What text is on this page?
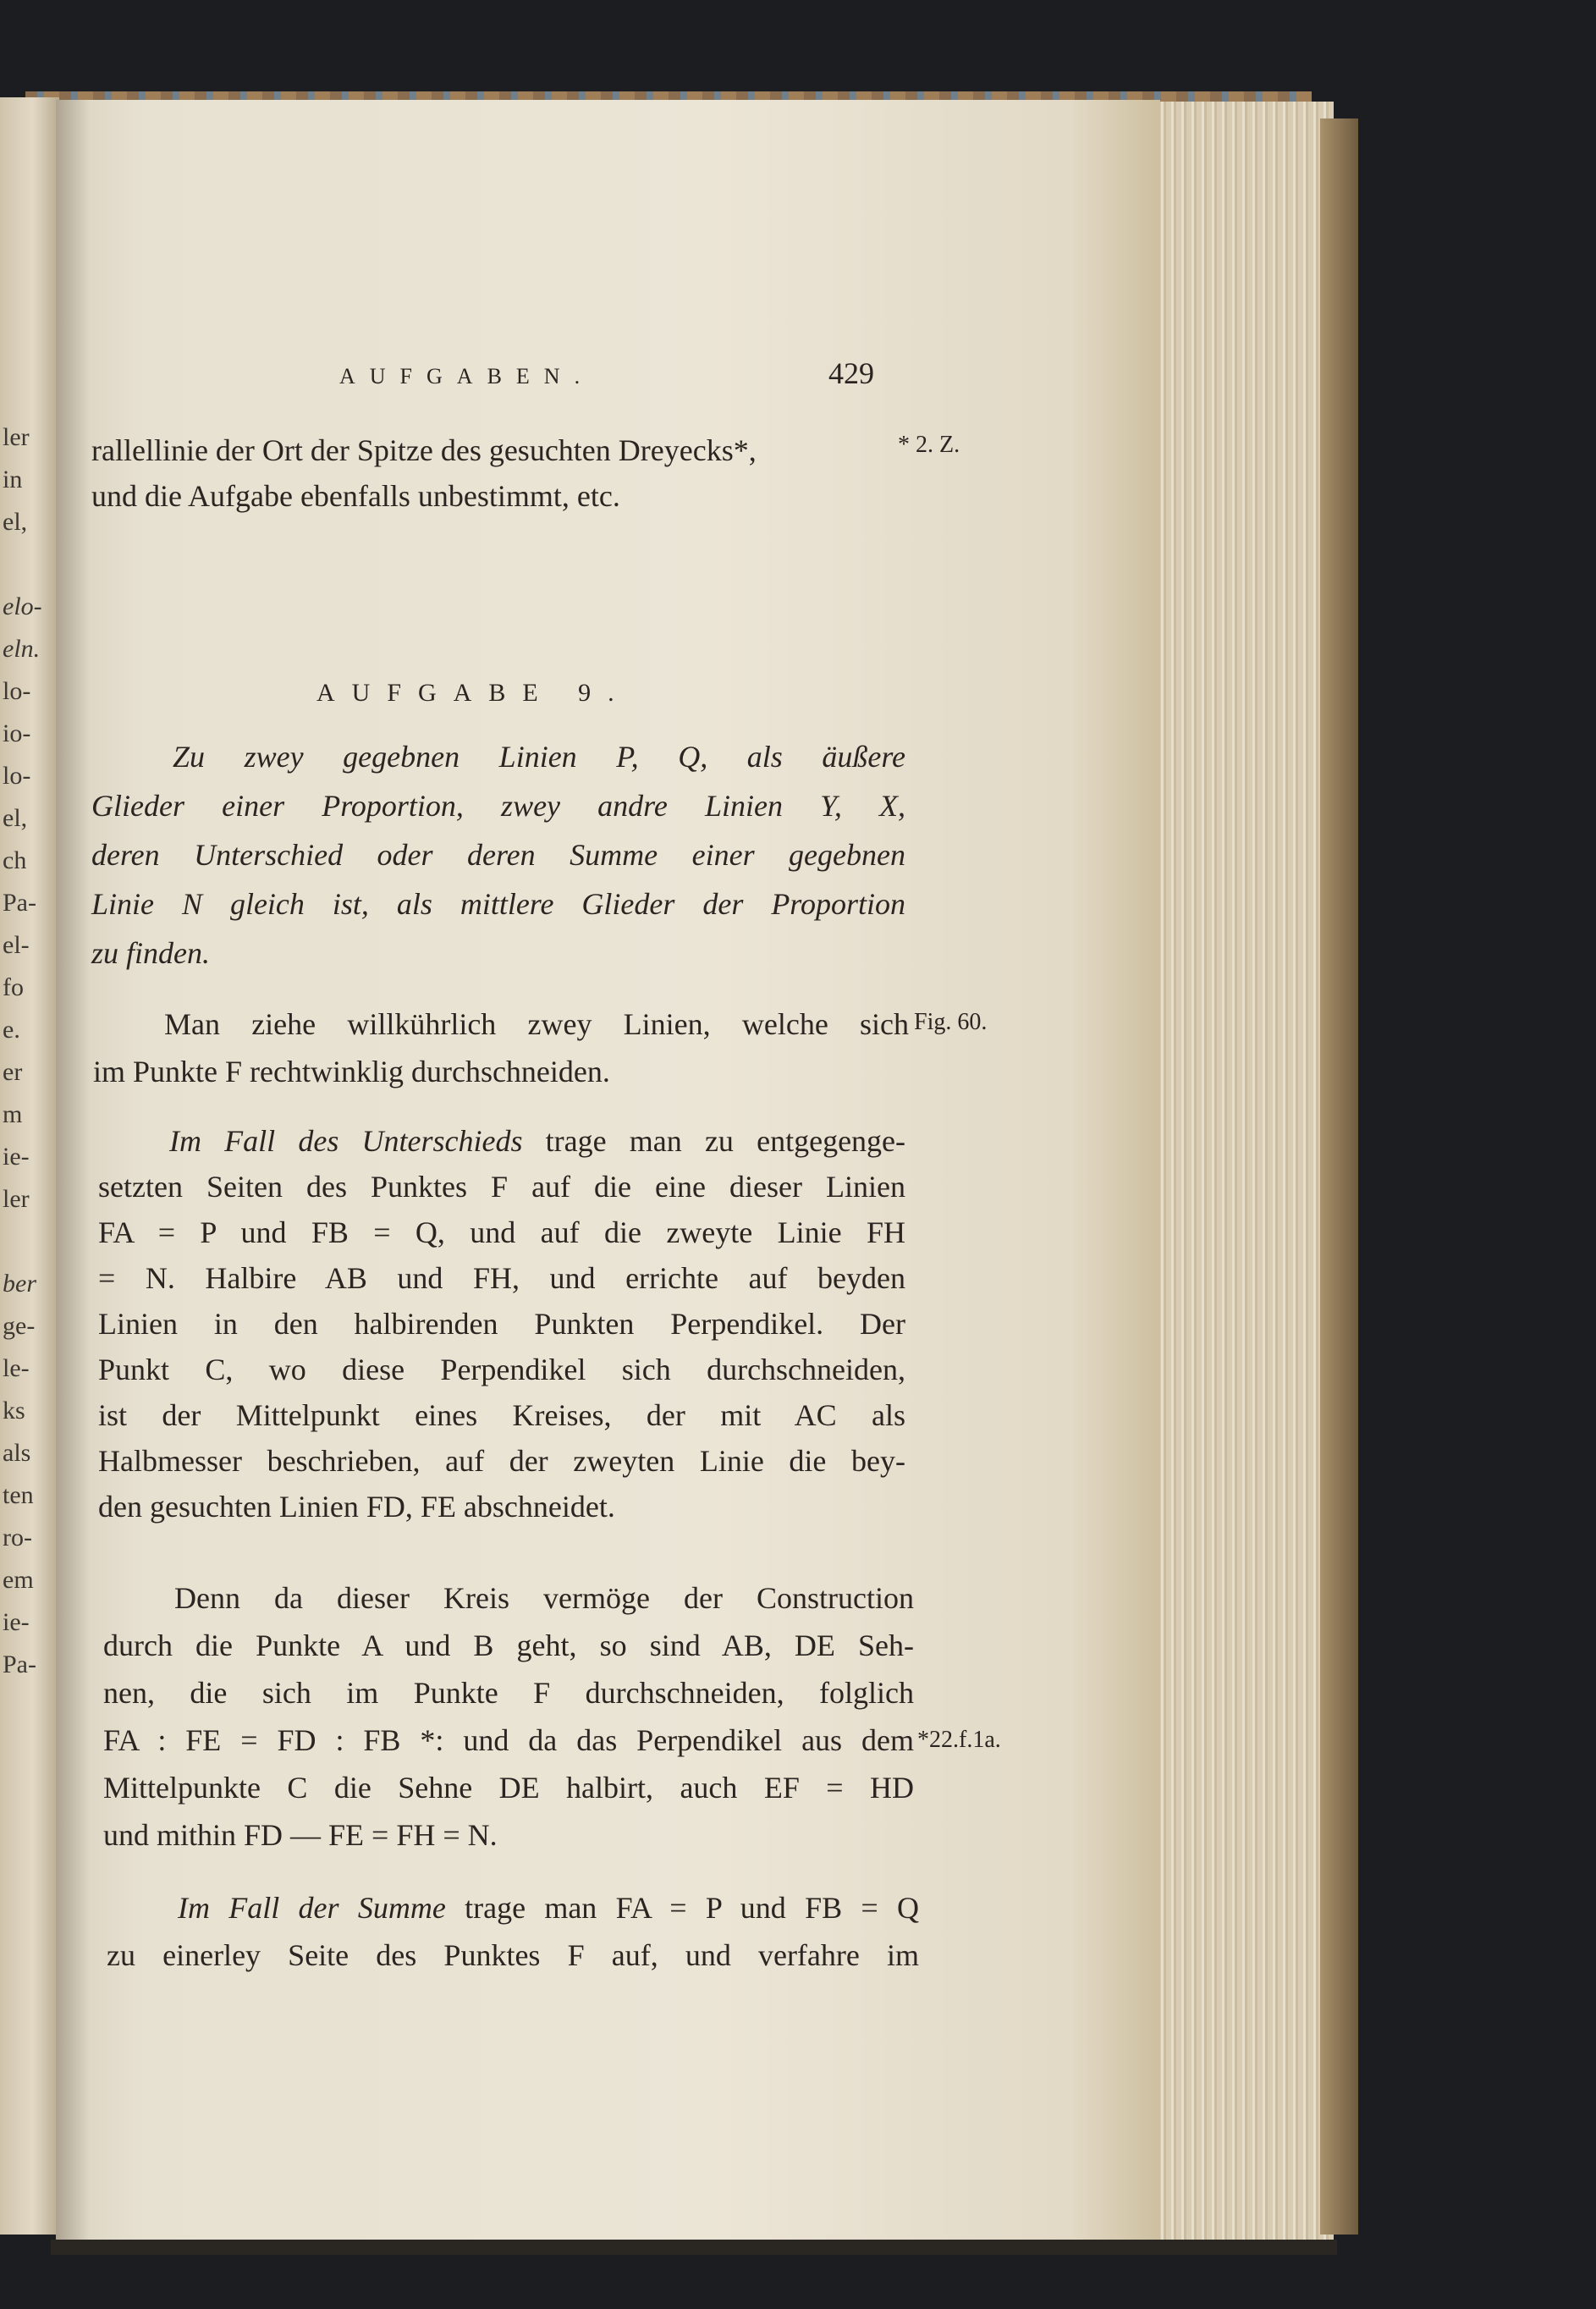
ler
in
el,
elo-
eln.
lo-
io-
lo-
el,
ch
Pa-
el-
fo
e.
er
m
ie-
ler
ber
ge-
le-
ks
als
ten
ro-
em
ie-
Pa-
AUFGABEN.	429

rallellinie der Ort der Spitze des gesuchten Dreyecks*,

und die Aufgabe ebenfalls unbestimmt, etc.

* 2. Z.
AUFGABE 9.

Zu zwey gegebnen Linien P, Q, als äußere

Glieder einer Proportion, zwey andre Linien Y, X,

deren Unterschied oder deren Summe einer gegebnen

Linie N gleich ist, als mittlere Glieder der Proportion

zu finden.

Man ziehe willkührlich zwey Linien, welche sich

im Punkte F rechtwinklig durchschneiden.

Fig. 60.

Im Fall des Unterschieds trage man zu entgegenge-

setzten Seiten des Punktes F auf die eine dieser Linien

FA = P und FB = Q, und auf die zweyte Linie FH

= N. Halbire AB und FH, und errichte auf beyden

Linien in den halbirenden Punkten Perpendikel. Der

Punkt C, wo diese Perpendikel sich durchschneiden,

ist der Mittelpunkt eines Kreises, der mit AC als

Halbmesser beschrieben, auf der zweyten Linie die bey-

den gesuchten Linien FD, FE abschneidet.

Denn da dieser Kreis vermöge der Construction

durch die Punkte A und B geht, so sind AB, DE Seh-

nen, die sich im Punkte F durchschneiden, folglich

FA : FE = FD : FB *: und da das Perpendikel aus dem

Mittelpunkte C die Sehne DE halbirt, auch EF = HD

und mithin FD — FE = FH = N.

*22.f.1a.

Im Fall der Summe trage man FA = P und FB = Q

zu einerley Seite des Punktes F auf, und verfahre im
